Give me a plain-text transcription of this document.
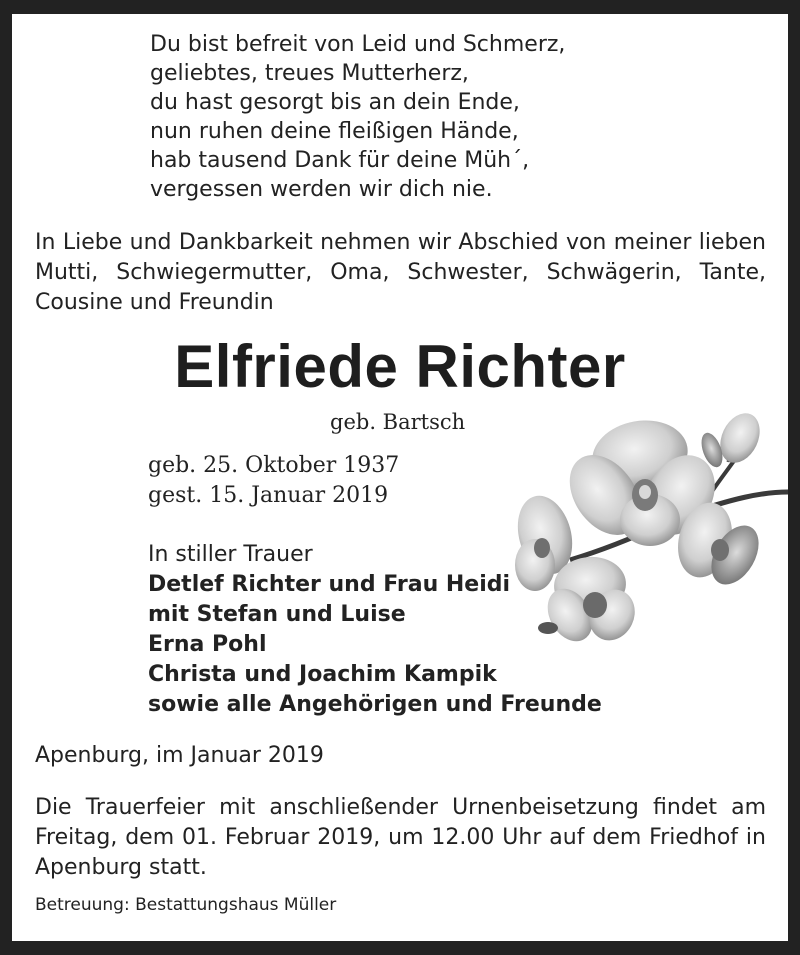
Du bist befreit von Leid und Schmerz,
geliebtes, treues Mutterherz,
du hast gesorgt bis an dein Ende,
nun ruhen deine fleißigen Hände,
hab tausend Dank für deine Müh´,
vergessen werden wir dich nie.
In Liebe und Dankbarkeit nehmen wir Abschied von meiner lieben Mutti, Schwiegermutter, Oma, Schwester, Schwägerin, Tante, Cousine und Freundin
Elfriede Richter
geb. Bartsch
geb. 25. Oktober 1937
gest. 15. Januar 2019
In stiller Trauer
Detlef Richter und Frau Heidi
mit Stefan und Luise
Erna Pohl
Christa und Joachim Kampik
sowie alle Angehörigen und Freunde
Apenburg, im Januar 2019
Die Trauerfeier mit anschließender Urnenbeisetzung findet am Freitag, dem 01. Februar 2019, um 12.00 Uhr auf dem Friedhof in Apenburg statt.
Betreuung: Bestattungshaus Müller
